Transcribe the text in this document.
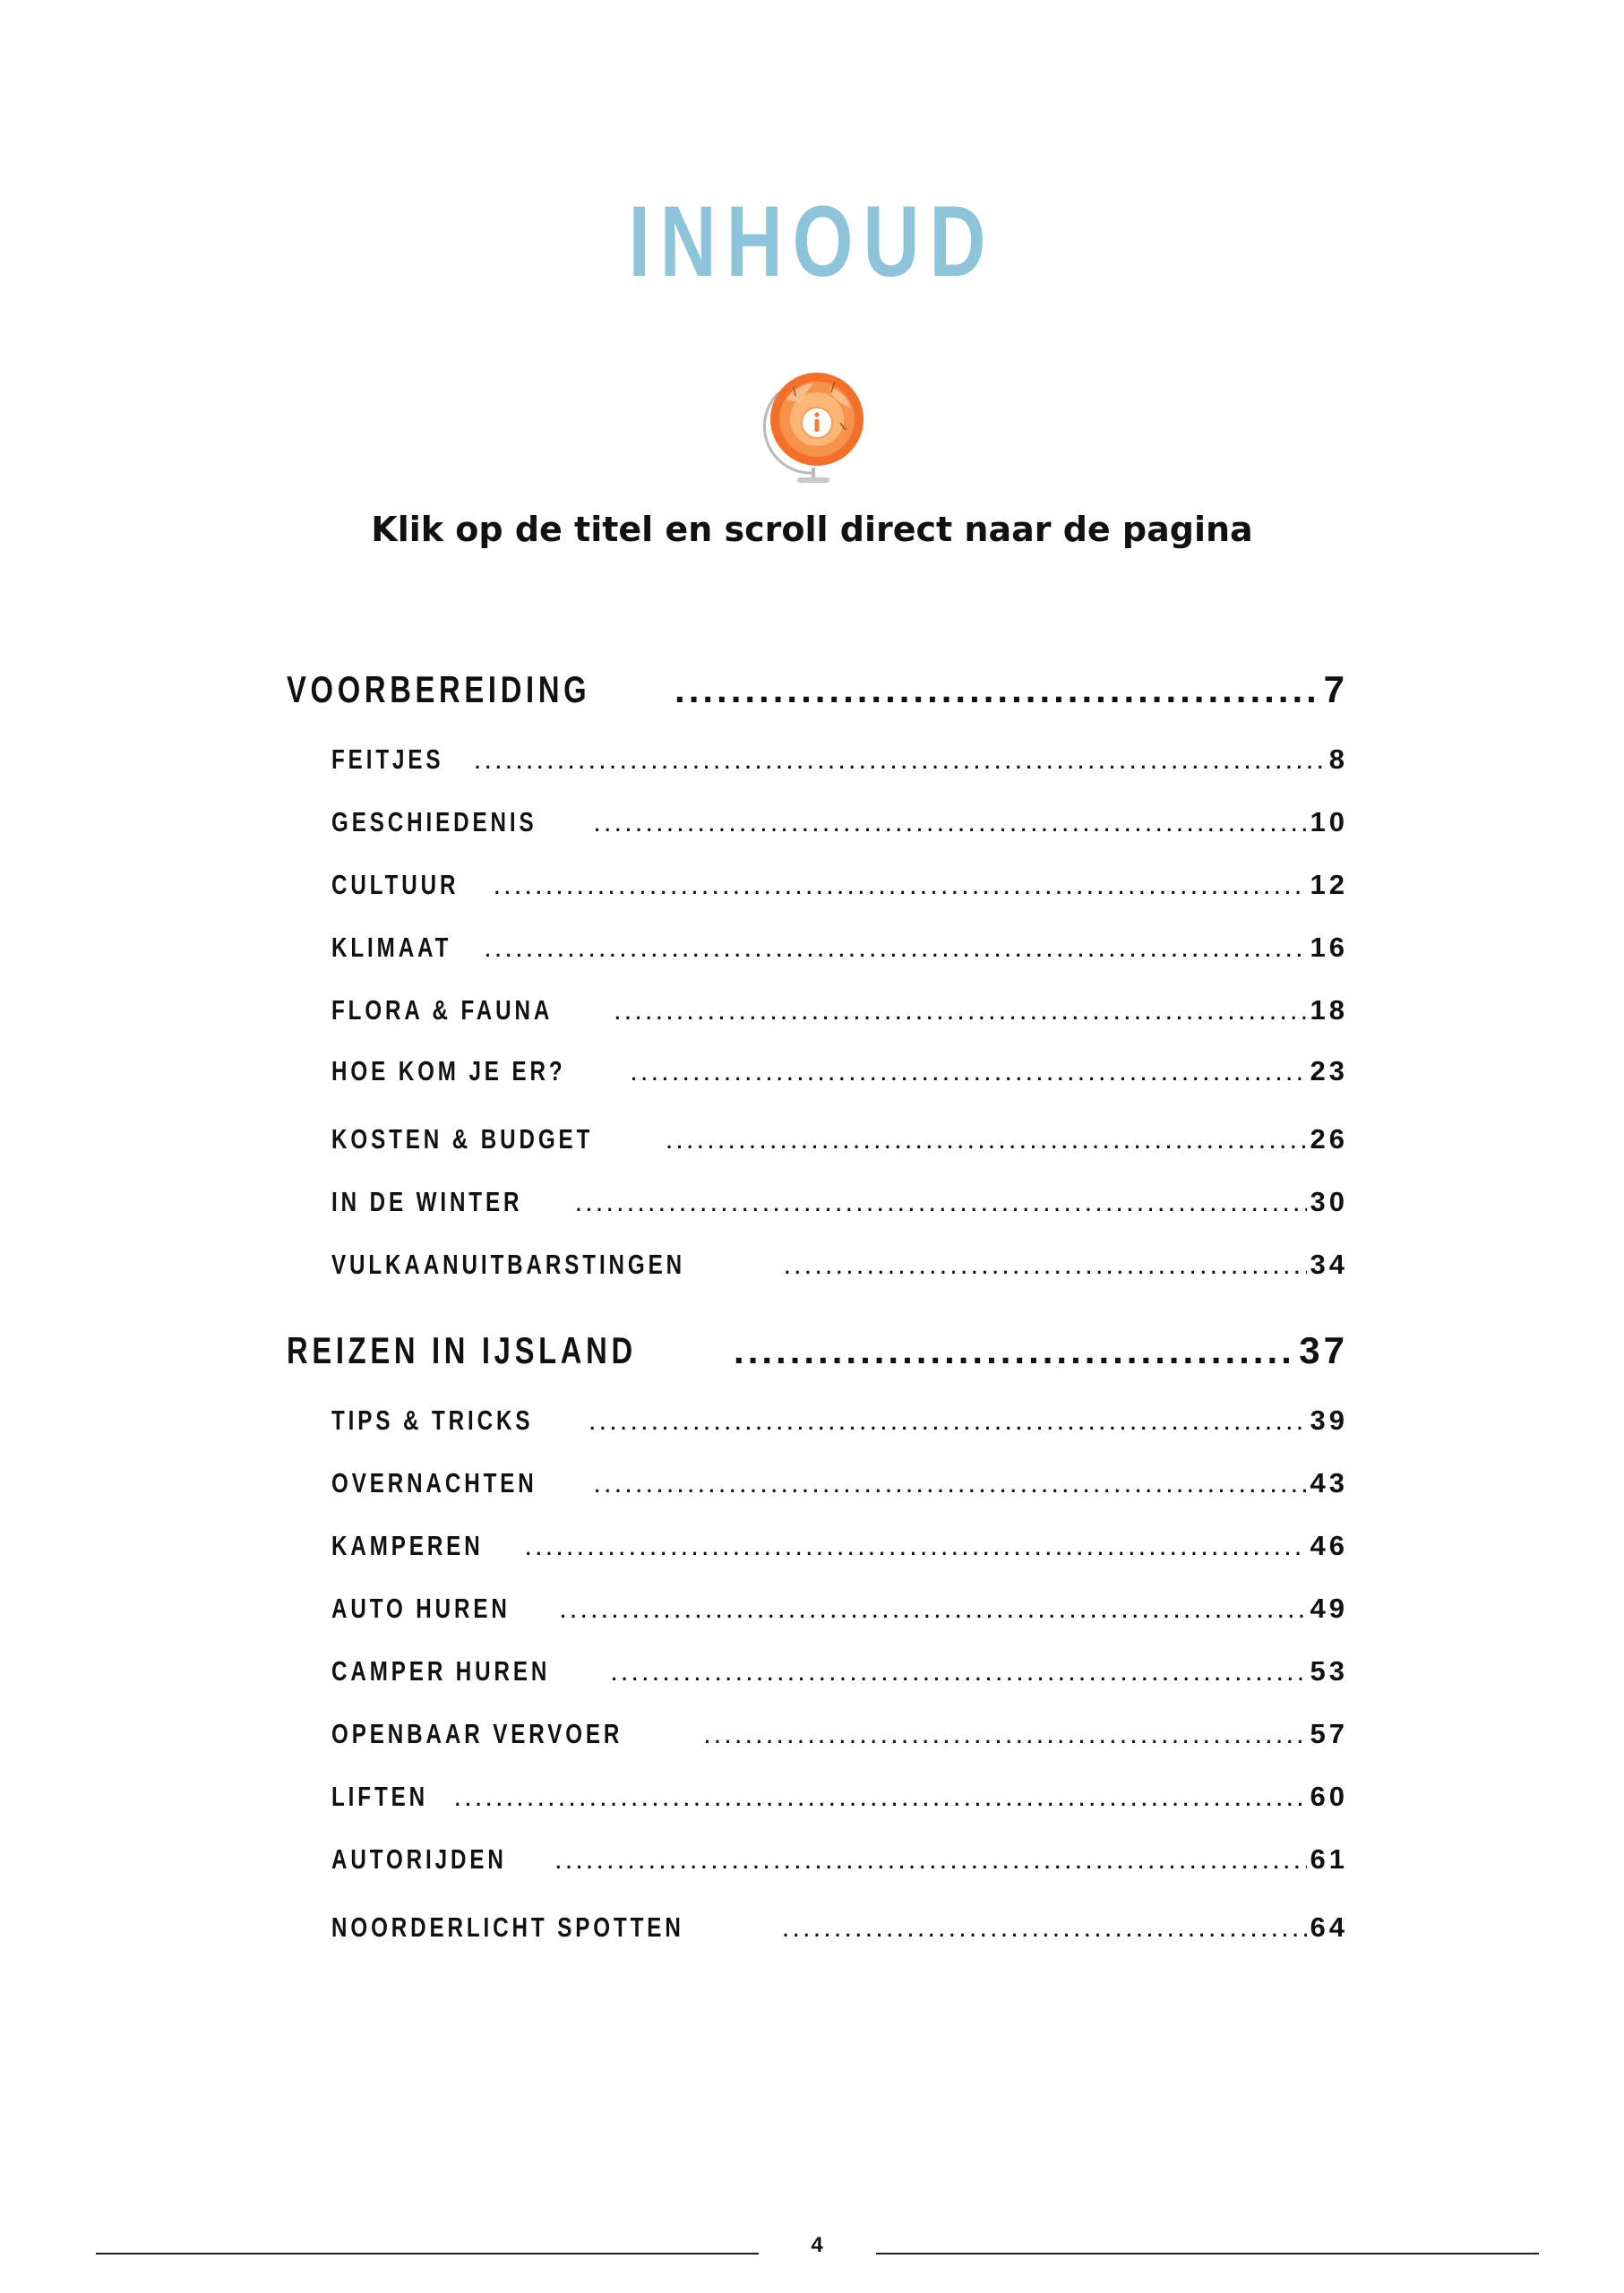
INHOUD
Klik op de titel en scroll direct naar de pagina
VOORBEREIDING .....	7
FEITJES .....	8
GESCHIEDENIS .....	10
CULTUUR .....	12
KLIMAAT .....	16
FLORA & FAUNA .....	18
HOE KOM JE ER? .....	23
KOSTEN & BUDGET .....	26
IN DE WINTER .....	30
VULKAANUITBARSTINGEN .....	34
REIZEN IN IJSLAND .....	37
TIPS & TRICKS .....	39
OVERNACHTEN .....	43
KAMPEREN .....	46
AUTO HUREN .....	49
CAMPER HUREN .....	53
OPENBAAR VERVOER .....	57
LIFTEN .....	60
AUTORIJDEN .....	61
NOORDERLICHT SPOTTEN .....	64
4
